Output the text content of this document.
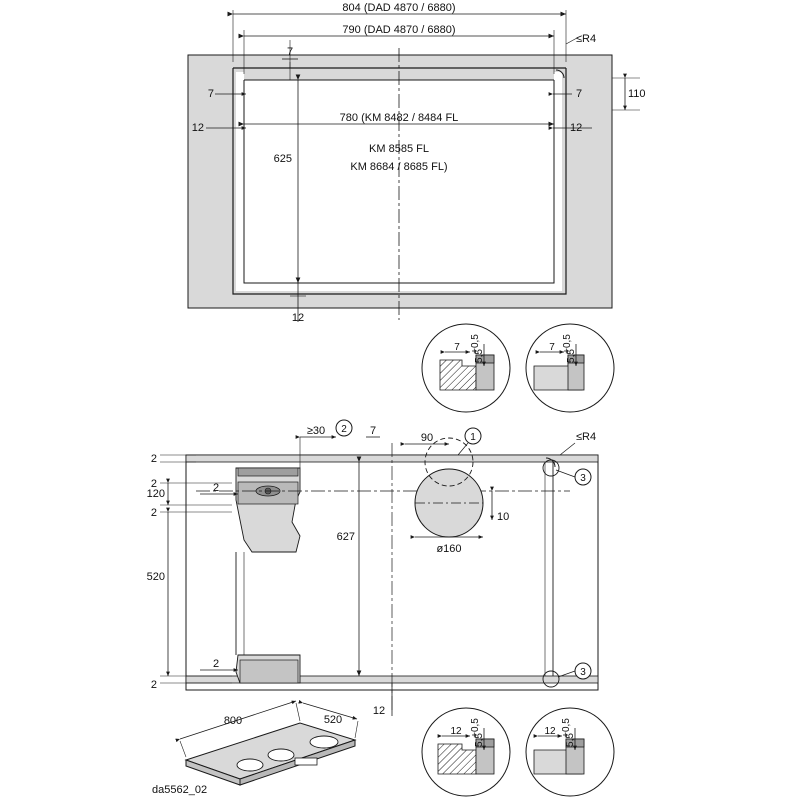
804 (DAD 4870 / 6880)
790 (DAD 4870 / 6880)
≤R4
7
7	7	110
12	12
780 (KM 8482 / 8484 FL
KM 8585 FL
KM 8684 / 8685 FL)
625
12
7
5,5
+0,5	7
5,5
+0,5
1
2
≥30	7
90	≤R4
3
3
2
120
2
2
2
520
2
2
627
10
ø160
12
12
5,5
+0,5	12
5,5
+0,5
800	520
da5562_02
